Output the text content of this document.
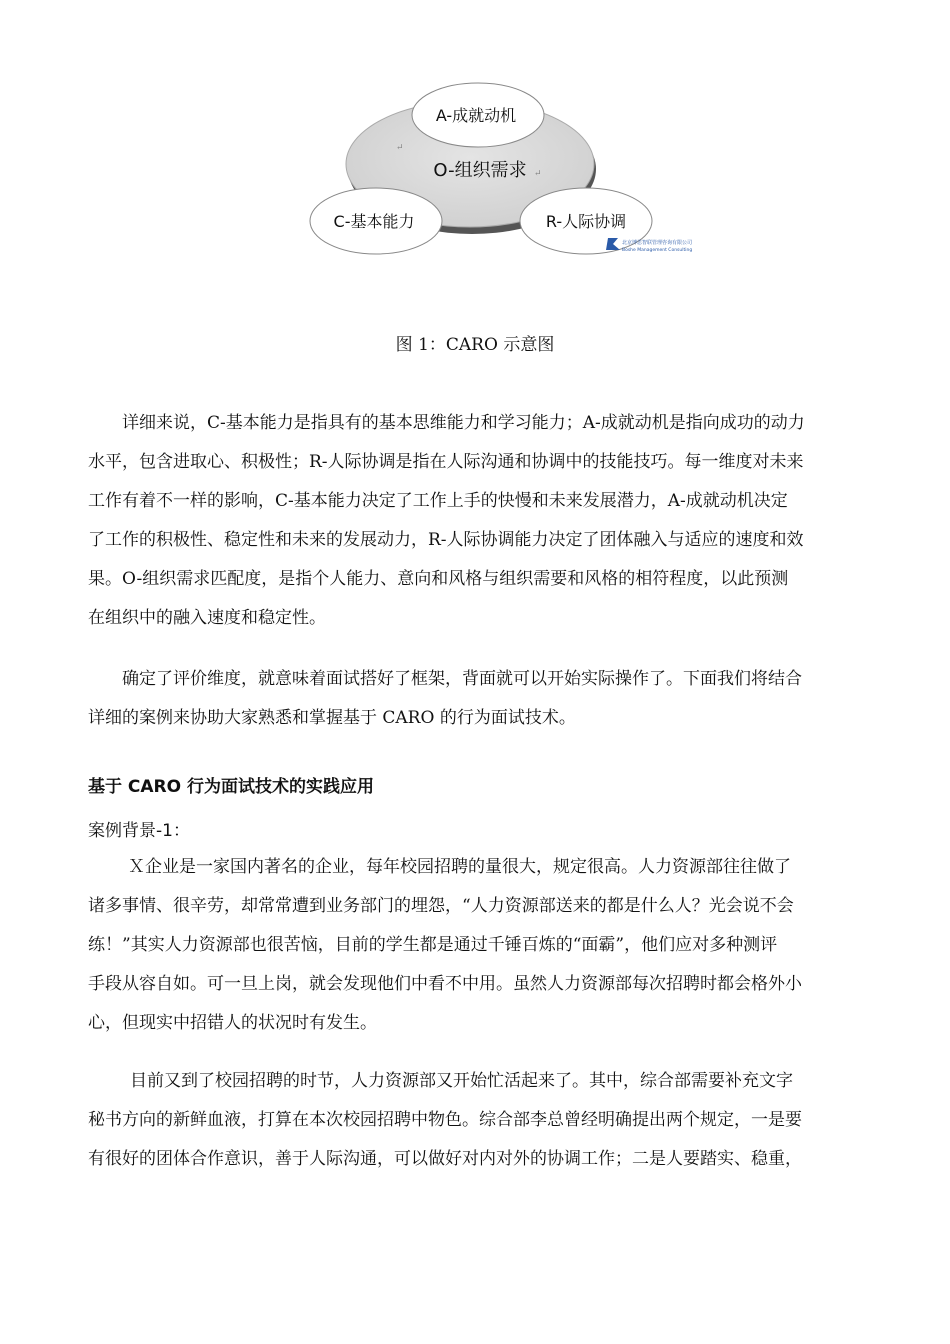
O-组织需求 ↵
↵
A-成就动机
C-基本能力	R-人际协调
北京博思智联管理咨询有限公司
Boshe Management Consulting
图 1：CARO 示意图
详细来说，C-基本能力是指具有的基本思维能力和学习能力；A-成就动机是指向成功的动力
水平，包含进取心、积极性；R-人际协调是指在人际沟通和协调中的技能技巧。每一维度对未来
工作有着不一样的影响，C-基本能力决定了工作上手的快慢和未来发展潜力，A-成就动机决定
了工作的积极性、稳定性和未来的发展动力，R-人际协调能力决定了团体融入与适应的速度和效
果。O-组织需求匹配度，是指个人能力、意向和风格与组织需要和风格的相符程度，以此预测
在组织中的融入速度和稳定性。
确定了评价维度，就意味着面试搭好了框架，背面就可以开始实际操作了。下面我们将结合
详细的案例来协助大家熟悉和掌握基于 CARO 的行为面试技术。
基于 CARO 行为面试技术的实践应用
案例背景-1：
Ｘ企业是一家国内著名的企业，每年校园招聘的量很大，规定很高。人力资源部往往做了
诸多事情、很辛劳，却常常遭到业务部门的埋怨，“人力资源部送来的都是什么人？光会说不会
练！”其实人力资源部也很苦恼，目前的学生都是通过千锤百炼的“面霸”，他们应对多种测评
手段从容自如。可一旦上岗，就会发现他们中看不中用。虽然人力资源部每次招聘时都会格外小
心，但现实中招错人的状况时有发生。
目前又到了校园招聘的时节，人力资源部又开始忙活起来了。其中，综合部需要补充文字
秘书方向的新鲜血液，打算在本次校园招聘中物色。综合部李总曾经明确提出两个规定，一是要
有很好的团体合作意识，善于人际沟通，可以做好对内对外的协调工作；二是人要踏实、稳重，
